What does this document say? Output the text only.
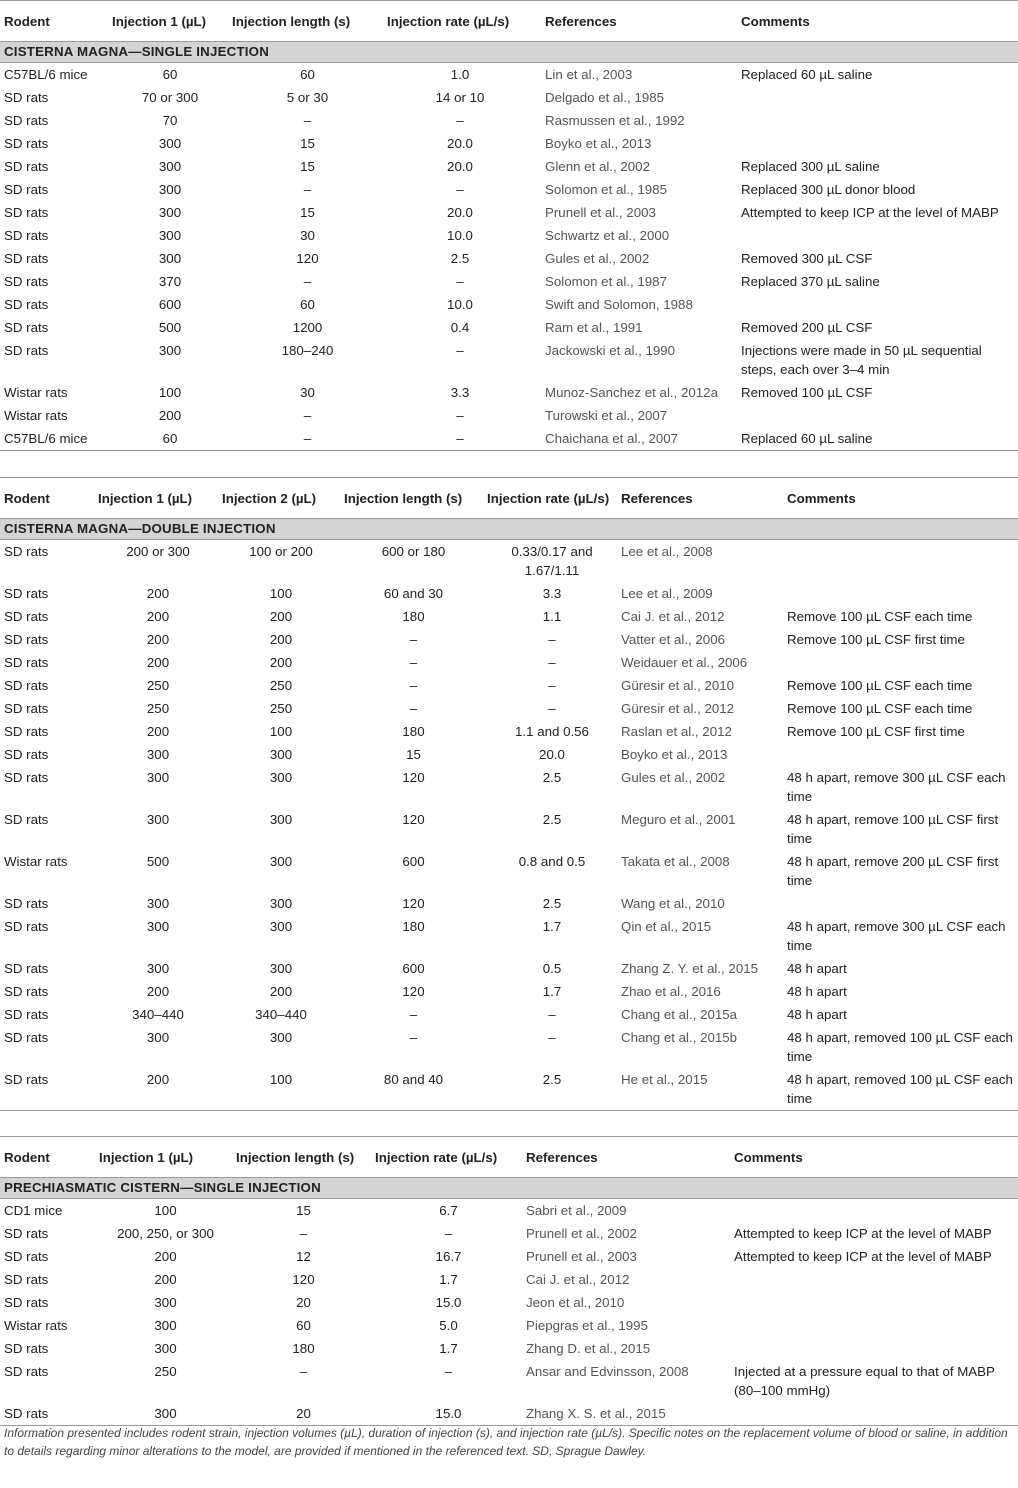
Rodent	Injection 1 (µL)	Injection length (s)	Injection rate (µL/s)	References	Comments
CISTERNA MAGNA—SINGLE INJECTION					
C57BL/6 mice	60	60	1.0	Lin et al., 2003	Replaced 60 µL saline
SD rats	70 or 300	5 or 30	14 or 10	Delgado et al., 1985	
SD rats	70	–	–	Rasmussen et al., 1992	
SD rats	300	15	20.0	Boyko et al., 2013	
SD rats	300	15	20.0	Glenn et al., 2002	Replaced 300 µL saline
SD rats	300	–	–	Solomon et al., 1985	Replaced 300 µL donor blood
SD rats	300	15	20.0	Prunell et al., 2003	Attempted to keep ICP at the level of MABP
SD rats	300	30	10.0	Schwartz et al., 2000	
SD rats	300	120	2.5	Gules et al., 2002	Removed 300 µL CSF
SD rats	370	–	–	Solomon et al., 1987	Replaced 370 µL saline
SD rats	600	60	10.0	Swift and Solomon, 1988	
SD rats	500	1200	0.4	Ram et al., 1991	Removed 200 µL CSF
SD rats	300	180–240	–	Jackowski et al., 1990	Injections were made in 50 µL sequential steps, each over 3–4 min
Wistar rats	100	30	3.3	Munoz-Sanchez et al., 2012a	Removed 100 µL CSF
Wistar rats	200	–	–	Turowski et al., 2007	
C57BL/6 mice	60	–	–	Chaichana et al., 2007	Replaced 60 µL saline
Rodent	Injection 1 (µL)	Injection 2 (µL)	Injection length (s)	Injection rate (µL/s)	References	Comments
CISTERNA MAGNA—DOUBLE INJECTION						
SD rats	200 or 300	100 or 200	600 or 180	0.33/0.17 and 1.67/1.11	Lee et al., 2008	
SD rats	200	100	60 and 30	3.3	Lee et al., 2009	
SD rats	200	200	180	1.1	Cai J. et al., 2012	Remove 100 µL CSF each time
SD rats	200	200	–	–	Vatter et al., 2006	Remove 100 µL CSF first time
SD rats	200	200	–	–	Weidauer et al., 2006	
SD rats	250	250	–	–	Güresir et al., 2010	Remove 100 µL CSF each time
SD rats	250	250	–	–	Güresir et al., 2012	Remove 100 µL CSF each time
SD rats	200	100	180	1.1 and 0.56	Raslan et al., 2012	Remove 100 µL CSF first time
SD rats	300	300	15	20.0	Boyko et al., 2013	
SD rats	300	300	120	2.5	Gules et al., 2002	48 h apart, remove 300 µL CSF each time
SD rats	300	300	120	2.5	Meguro et al., 2001	48 h apart, remove 100 µL CSF first time
Wistar rats	500	300	600	0.8 and 0.5	Takata et al., 2008	48 h apart, remove 200 µL CSF first time
SD rats	300	300	120	2.5	Wang et al., 2010	
SD rats	300	300	180	1.7	Qin et al., 2015	48 h apart, remove 300 µL CSF each time
SD rats	300	300	600	0.5	Zhang Z. Y. et al., 2015	48 h apart
SD rats	200	200	120	1.7	Zhao et al., 2016	48 h apart
SD rats	340–440	340–440	–	–	Chang et al., 2015a	48 h apart
SD rats	300	300	–	–	Chang et al., 2015b	48 h apart, removed 100 µL CSF each time
SD rats	200	100	80 and 40	2.5	He et al., 2015	48 h apart, removed 100 µL CSF each time
Rodent	Injection 1 (µL)	Injection length (s)	Injection rate (µL/s)	References	Comments
PRECHIASMATIC CISTERN—SINGLE INJECTION					
CD1 mice	100	15	6.7	Sabri et al., 2009	
SD rats	200, 250, or 300	–	–	Prunell et al., 2002	Attempted to keep ICP at the level of MABP
SD rats	200	12	16.7	Prunell et al., 2003	Attempted to keep ICP at the level of MABP
SD rats	200	120	1.7	Cai J. et al., 2012	
SD rats	300	20	15.0	Jeon et al., 2010	
Wistar rats	300	60	5.0	Piepgras et al., 1995	
SD rats	300	180	1.7	Zhang D. et al., 2015	
SD rats	250	–	–	Ansar and Edvinsson, 2008	Injected at a pressure equal to that of MABP (80–100 mmHg)
SD rats	300	20	15.0	Zhang X. S. et al., 2015	
Information presented includes rodent strain, injection volumes (µL), duration of injection (s), and injection rate (µL/s). Specific notes on the replacement volume of blood or saline, in addition to details regarding minor alterations to the model, are provided if mentioned in the referenced text. SD, Sprague Dawley.
